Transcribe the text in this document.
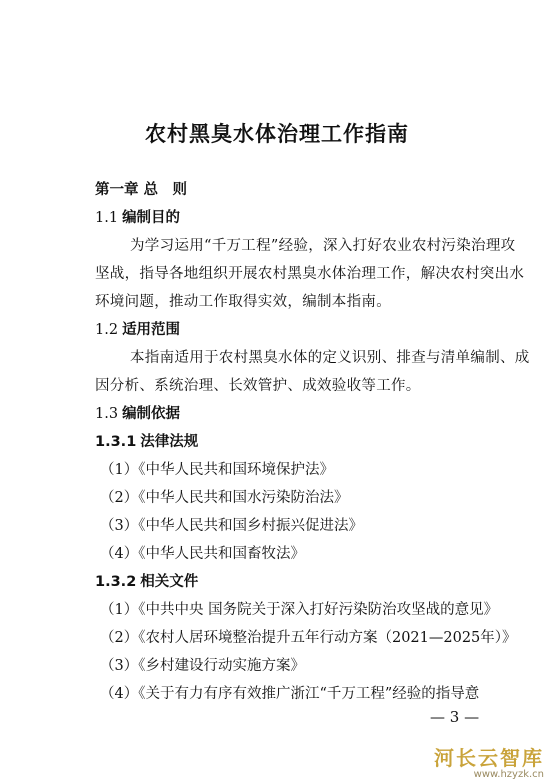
农村黑臭水体治理工作指南
第一章 总　则
1.1 编制目的
为学习运用“千万工程”经验，深入打好农业农村污染治理攻
坚战，指导各地组织开展农村黑臭水体治理工作，解决农村突出水
环境问题，推动工作取得实效，编制本指南。
1.2 适用范围
本指南适用于农村黑臭水体的定义识别、排查与清单编制、成
因分析、系统治理、长效管护、成效验收等工作。
1.3 编制依据
1.3.1 法律法规
（1）《中华人民共和国环境保护法》
（2）《中华人民共和国水污染防治法》
（3）《中华人民共和国乡村振兴促进法》
（4）《中华人民共和国畜牧法》
1.3.2 相关文件
（1）《中共中央 国务院关于深入打好污染防治攻坚战的意见》
（2）《农村人居环境整治提升五年行动方案（2021—2025年）》
（3）《乡村建设行动实施方案》
（4）《关于有力有序有效推广浙江“千万工程”经验的指导意
— 3 —
河长云智库
www.hzyzk.cn
